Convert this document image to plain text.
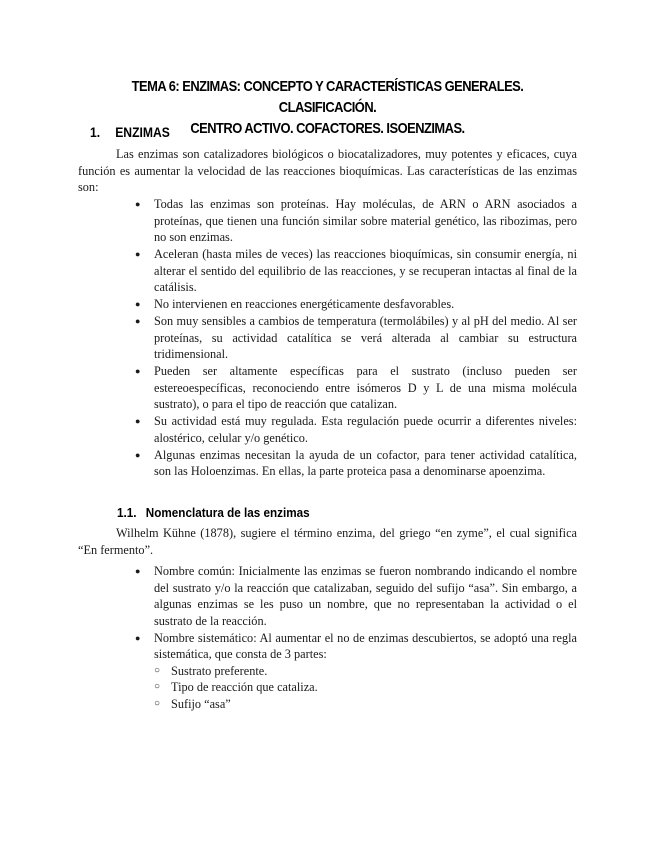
TEMA 6: ENZIMAS: CONCEPTO Y CARACTERÍSTICAS GENERALES. CLASIFICACIÓN.
CENTRO ACTIVO. COFACTORES. ISOENZIMAS.
1. ENZIMAS

Las enzimas son catalizadores biológicos o biocatalizadores, muy potentes y eficaces, cuya función es aumentar la velocidad de las reacciones bioquímicas. Las características de las enzimas son:

● Todas las enzimas son proteínas. Hay moléculas, de ARN o ARN asociados a proteínas, que tienen una función similar sobre material genético, las ribozimas, pero no son enzimas.
● Aceleran (hasta miles de veces) las reacciones bioquímicas, sin consumir energía, ni alterar el sentido del equilibrio de las reacciones, y se recuperan intactas al final de la catálisis.
● No intervienen en reacciones energéticamente desfavorables.
● Son muy sensibles a cambios de temperatura (termolábiles) y al pH del medio. Al ser proteínas, su actividad catalítica se verá alterada al cambiar su estructura tridimensional.
● Pueden ser altamente específicas para el sustrato (incluso pueden ser estereoespecíficas, reconociendo entre isómeros D y L de una misma molécula sustrato), o para el tipo de reacción que catalizan.
● Su actividad está muy regulada. Esta regulación puede ocurrir a diferentes niveles: alostérico, celular y/o genético.
● Algunas enzimas necesitan la ayuda de un cofactor, para tener actividad catalítica, son las Holoenzimas. En ellas, la parte proteica pasa a denominarse apoenzima.
1.1. Nomenclatura de las enzimas

Wilhelm Kühne (1878), sugiere el término enzima, del griego “en zyme”, el cual significa “En fermento”.

● Nombre común: Inicialmente las enzimas se fueron nombrando indicando el nombre del sustrato y/o la reacción que catalizaban, seguido del sufijo “asa”. Sin embargo, a algunas enzimas se les puso un nombre, que no representaban la actividad o el sustrato de la reacción.
● Nombre sistemático: Al aumentar el no de enzimas descubiertos, se adoptó una regla sistemática, que consta de 3 partes:
○ Sustrato preferente.
○ Tipo de reacción que cataliza.
○ Sufijo “asa”
